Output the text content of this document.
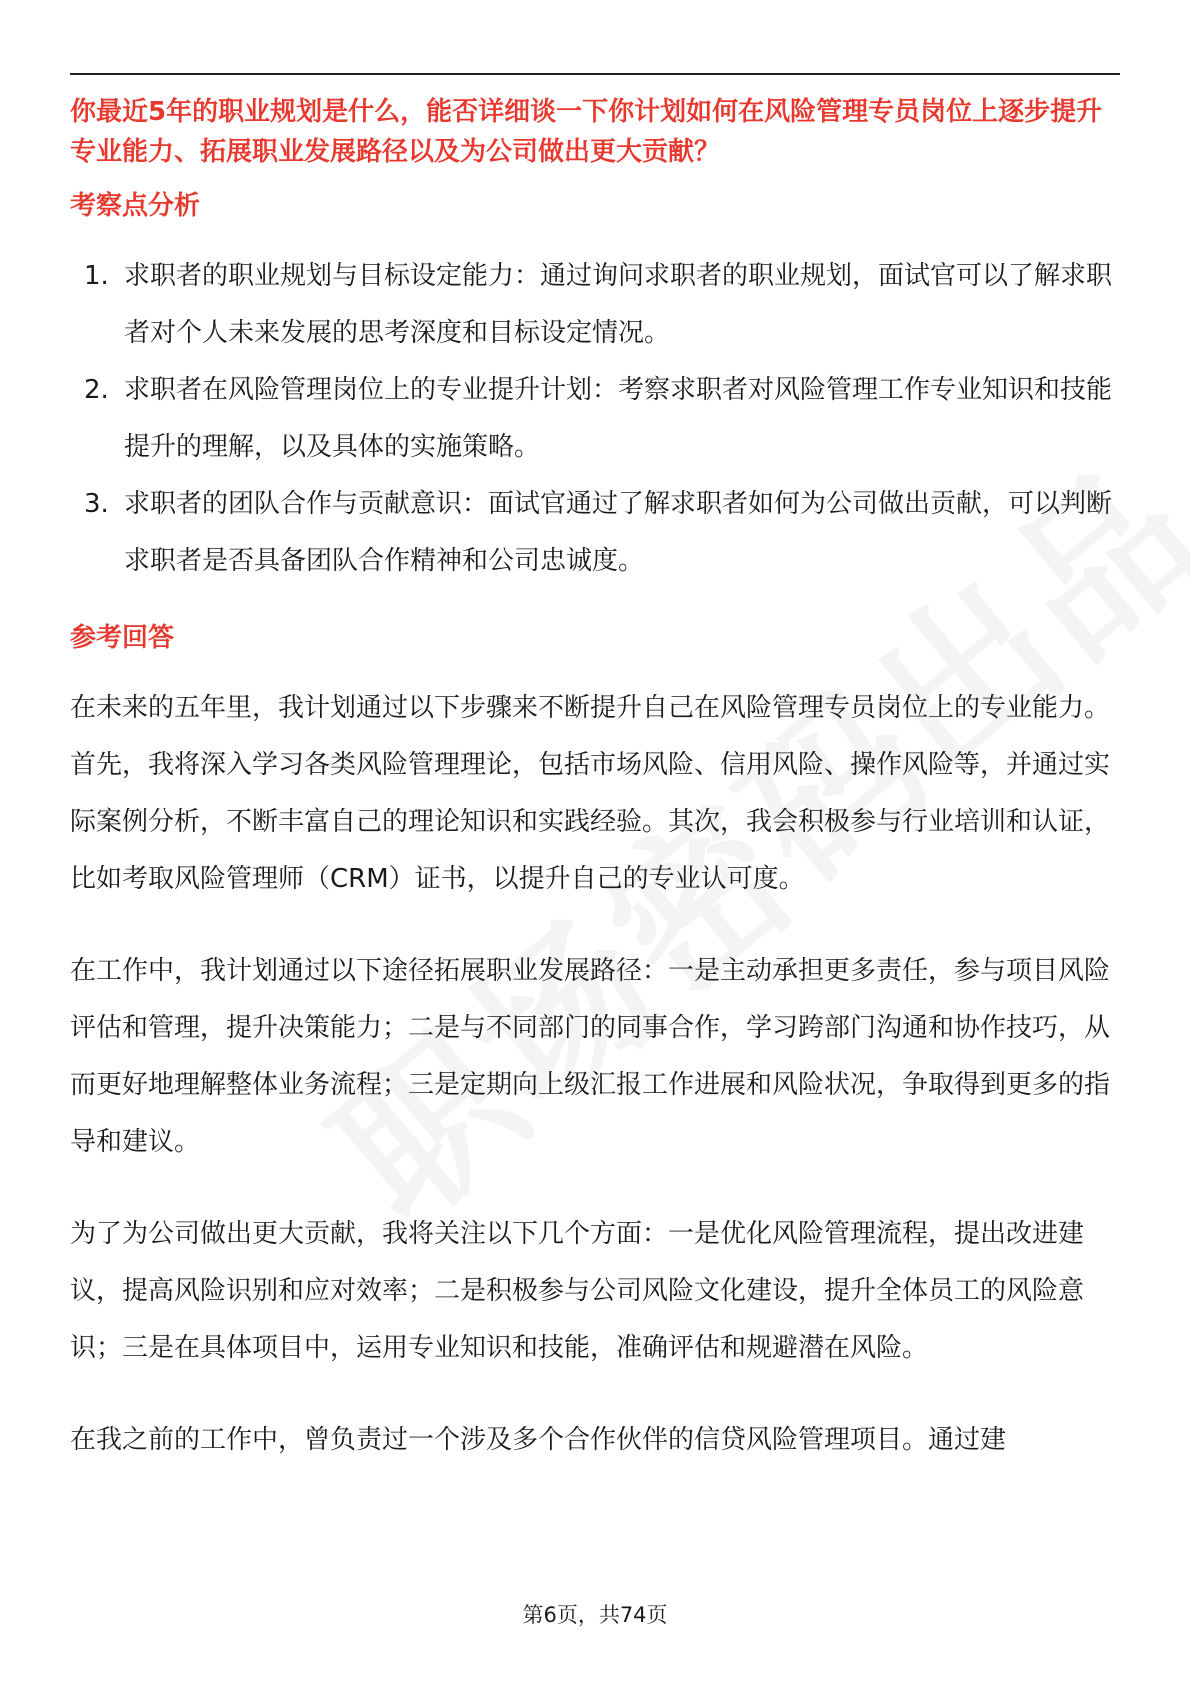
你最近5年的职业规划是什么，能否详细谈一下你计划如何在风险管理专员岗位上逐步提升专业能力、拓展职业发展路径以及为公司做出更大贡献？

考察点分析
1. 求职者的职业规划与目标设定能力：通过询问求职者的职业规划，面试官可以了解求职者对个人未来发展的思考深度和目标设定情况。
2. 求职者在风险管理岗位上的专业提升计划：考察求职者对风险管理工作专业知识和技能提升的理解，以及具体的实施策略。
3. 求职者的团队合作与贡献意识：面试官通过了解求职者如何为公司做出贡献，可以判断求职者是否具备团队合作精神和公司忠诚度。
参考回答

在未来的五年里，我计划通过以下步骤来不断提升自己在风险管理专员岗位上的专业能力。首先，我将深入学习各类风险管理理论，包括市场风险、信用风险、操作风险等，并通过实际案例分析，不断丰富自己的理论知识和实践经验。其次，我会积极参与行业培训和认证，比如考取风险管理师（CRM）证书，以提升自己的专业认可度。

在工作中，我计划通过以下途径拓展职业发展路径：一是主动承担更多责任，参与项目风险评估和管理，提升决策能力；二是与不同部门的同事合作，学习跨部门沟通和协作技巧，从而更好地理解整体业务流程；三是定期向上级汇报工作进展和风险状况，争取得到更多的指导和建议。

为了为公司做出更大贡献，我将关注以下几个方面：一是优化风险管理流程，提出改进建议，提高风险识别和应对效率；二是积极参与公司风险文化建设，提升全体员工的风险意识；三是在具体项目中，运用专业知识和技能，准确评估和规避潜在风险。

在我之前的工作中，曾负责过一个涉及多个合作伙伴的信贷风险管理项目。通过建

第6页，共74页
